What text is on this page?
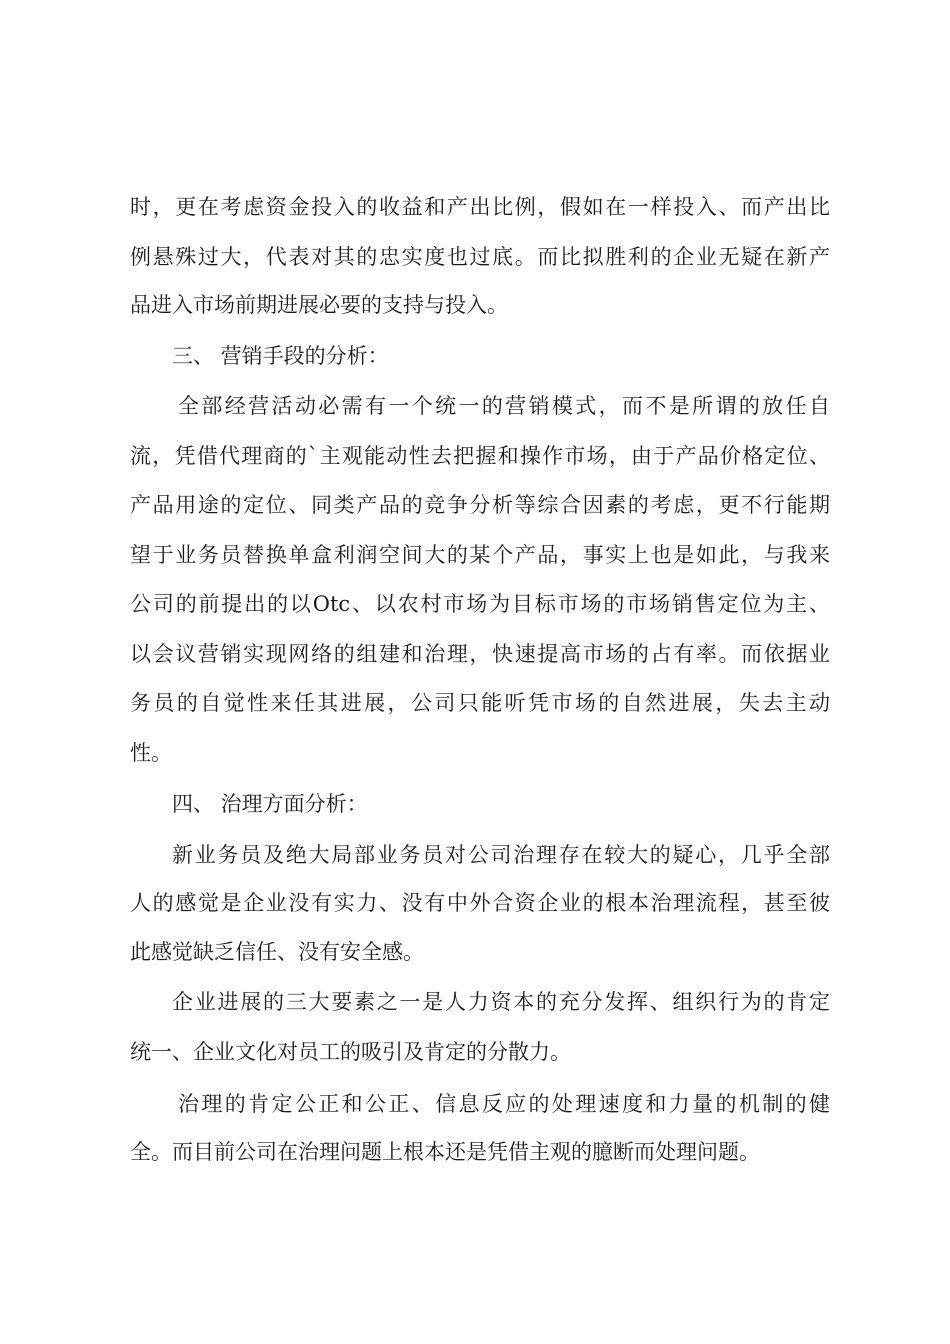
时，更在考虑资金投入的收益和产出比例，假如在一样投入、而产出比
例悬殊过大，代表对其的忠实度也过底。而比拟胜利的企业无疑在新产
品进入市场前期进展必要的支持与投入。
三、 营销手段的分析：
全部经营活动必需有一个统一的营销模式，而不是所谓的放任自
流，凭借代理商的`主观能动性去把握和操作市场，由于产品价格定位、
产品用途的定位、同类产品的竞争分析等综合因素的考虑，更不行能期
望于业务员替换单盒利润空间大的某个产品，事实上也是如此，与我来
公司的前提出的以Otc、以农村市场为目标市场的市场销售定位为主、
以会议营销实现网络的组建和治理，快速提高市场的占有率。而依据业
务员的自觉性来任其进展，公司只能听凭市场的自然进展，失去主动
性。
四、 治理方面分析：
新业务员及绝大局部业务员对公司治理存在较大的疑心，几乎全部
人的感觉是企业没有实力、没有中外合资企业的根本治理流程，甚至彼
此感觉缺乏信任、没有安全感。
企业进展的三大要素之一是人力资本的充分发挥、组织行为的肯定
统一、企业文化对员工的吸引及肯定的分散力。
治理的肯定公正和公正、信息反应的处理速度和力量的机制的健
全。而目前公司在治理问题上根本还是凭借主观的臆断而处理问题。
